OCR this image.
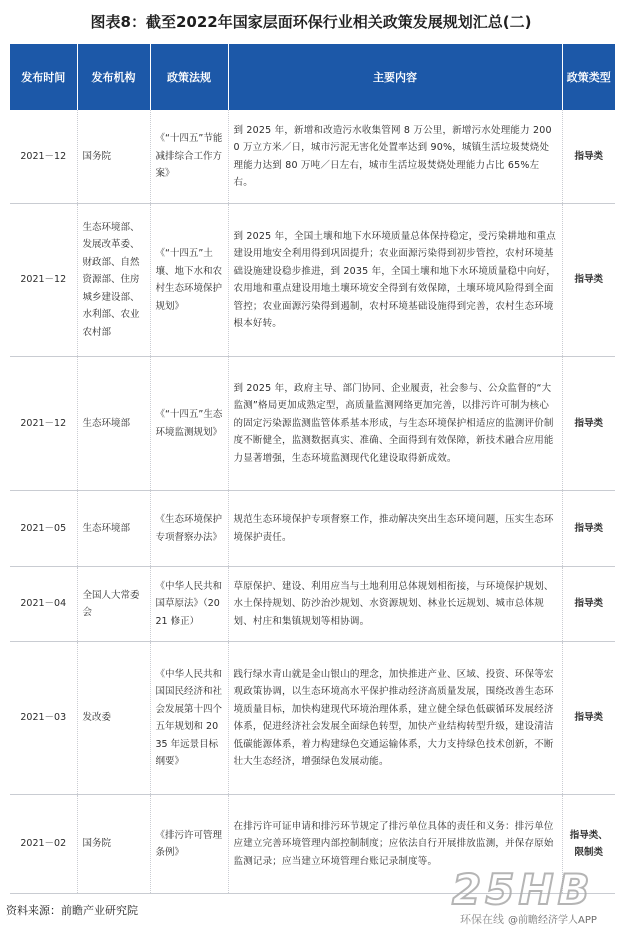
图表8：截至2022年国家层面环保行业相关政策发展规划汇总(二)
发布时间	发布机构	政策法规	主要内容	政策类型
2021－12	国务院	《“十四五”节能减排综合工作方案》	到 2025 年，新增和改造污水收集管网 8 万公里，新增污水处理能力 2000 万立方米／日，城市污泥无害化处置率达到 90%，城镇生活垃圾焚烧处理能力达到 80 万吨／日左右，城市生活垃圾焚烧处理能力占比 65%左右。	指导类
2021－12	生态环境部、发展改革委、财政部、自然资源部、住房城乡建设部、水利部、农业农村部	《“十四五”土壤、地下水和农村生态环境保护规划》	到 2025 年，全国土壤和地下水环境质量总体保持稳定，受污染耕地和重点建设用地安全利用得到巩固提升；农业面源污染得到初步管控，农村环境基础设施建设稳步推进，到 2035 年，全国土壤和地下水环境质量稳中向好，农用地和重点建设用地土壤环境安全得到有效保障，土壤环境风险得到全面管控；农业面源污染得到遏制，农村环境基础设施得到完善，农村生态环境根本好转。	指导类
2021－12	生态环境部	《“十四五”生态环境监测规划》	到 2025 年，政府主导、部门协同、企业履责，社会参与、公众监督的“大监测”格局更加成熟定型，高质量监测网络更加完善，以排污许可制为核心的固定污染源监测监管体系基本形成，与生态环境保护相适应的监测评价制度不断健全，监测数据真实、准确、全面得到有效保障，新技术融合应用能力显著增强，生态环境监测现代化建设取得新成效。	指导类
2021－05	生态环境部	《生态环境保护专项督察办法》	规范生态环境保护专项督察工作，推动解决突出生态环境问题，压实生态环境保护责任。	指导类
2021－04	全国人大常委会	《中华人民共和国草原法》（2021 修正）	草原保护、建设、利用应当与土地利用总体规划相衔接，与环境保护规划、水土保持规划、防沙治沙规划、水资源规划、林业长远规划、城市总体规划、村庄和集镇规划等相协调。	指导类
2021－03	发改委	《中华人民共和国国民经济和社会发展第十四个五年规划和 2035 年远景目标纲要》	践行绿水青山就是金山银山的理念，加快推进产业、区域、投资、环保等宏观政策协调，以生态环境高水平保护推动经济高质量发展，围绕改善生态环境质量目标，加快构建现代环境治理体系，建立健全绿色低碳循环发展经济体系，促进经济社会发展全面绿色转型，加快产业结构转型升级，建设清洁低碳能源体系，着力构建绿色交通运输体系，大力支持绿色技术创新，不断壮大生态经济，增强绿色发展动能。	指导类
2021－02	国务院	《排污许可管理条例》	在排污许可证申请和排污环节规定了排污单位具体的责任和义务：排污单位应建立完善环境管理内部控制制度；应依法自行开展排放监测，并保存原始监测记录；应当建立环境管理台账记录制度等。	指导类、限制类
资料来源：前瞻产业研究院	25HB
环保在线 @前瞻经济学人APP
